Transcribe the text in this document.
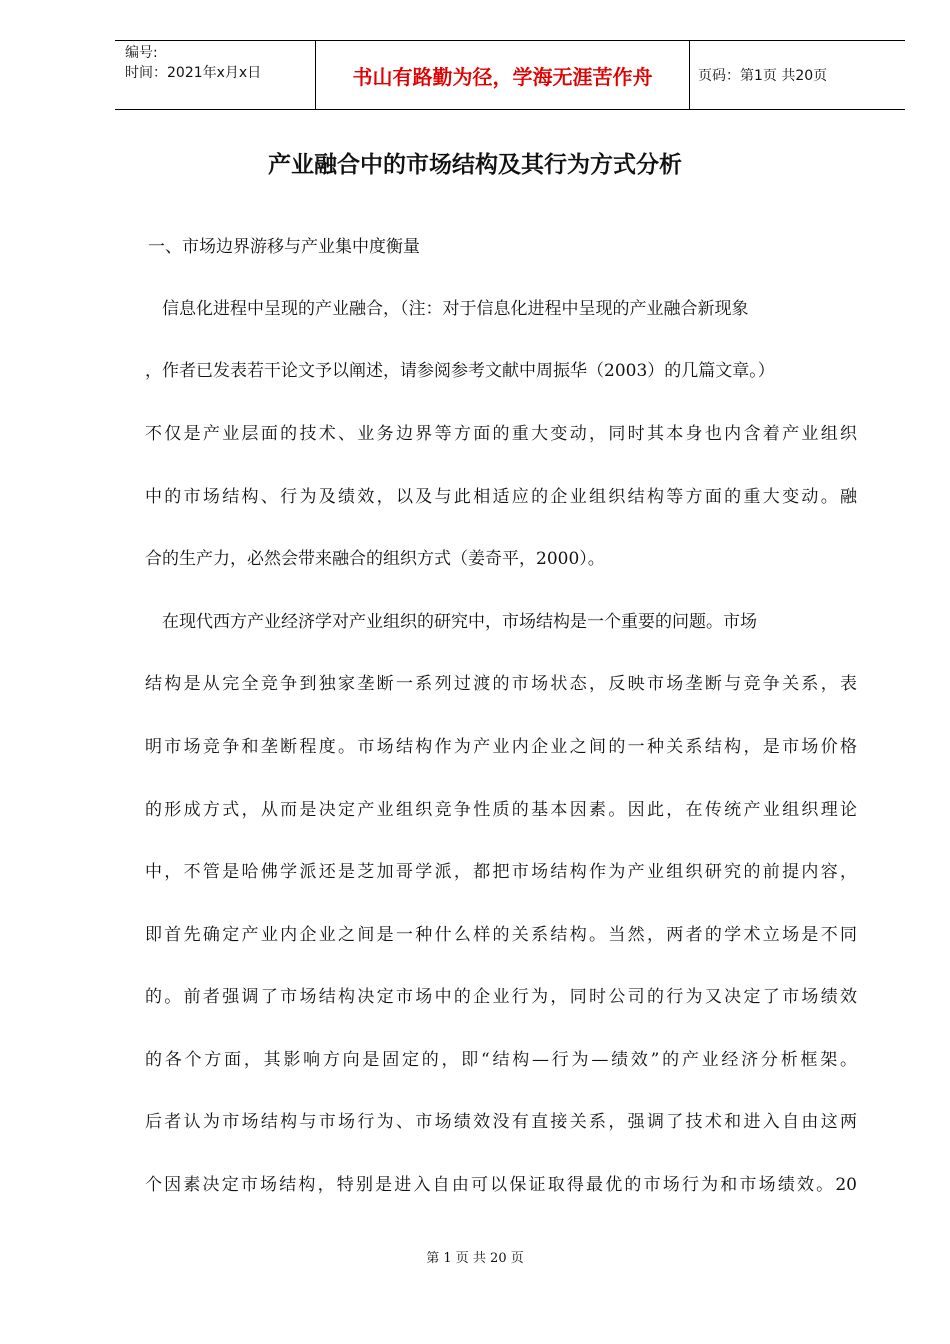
编号:
时间：2021年x月x日	书山有路勤为径，学海无涯苦作舟	页码：第1页 共20页
产业融合中的市场结构及其行为方式分析
一、市场边界游移与产业集中度衡量
　信息化进程中呈现的产业融合，（注：对于信息化进程中呈现的产业融合新现象
，作者已发表若干论文予以阐述，请参阅参考文献中周振华（2003）的几篇文章。）
不仅是产业层面的技术、业务边界等方面的重大变动，同时其本身也内含着产业组织
中的市场结构、行为及绩效，以及与此相适应的企业组织结构等方面的重大变动。融
合的生产力，必然会带来融合的组织方式（姜奇平，2000）。
　在现代西方产业经济学对产业组织的研究中，市场结构是一个重要的问题。市场
结构是从完全竞争到独家垄断一系列过渡的市场状态，反映市场垄断与竞争关系，表
明市场竞争和垄断程度。市场结构作为产业内企业之间的一种关系结构，是市场价格
的形成方式，从而是决定产业组织竞争性质的基本因素。因此，在传统产业组织理论
中，不管是哈佛学派还是芝加哥学派，都把市场结构作为产业组织研究的前提内容，
即首先确定产业内企业之间是一种什么样的关系结构。当然，两者的学术立场是不同
的。前者强调了市场结构决定市场中的企业行为，同时公司的行为又决定了市场绩效
的各个方面，其影响方向是固定的，即“结构—行为—绩效”的产业经济分析框架。
后者认为市场结构与市场行为、市场绩效没有直接关系，强调了技术和进入自由这两
个因素决定市场结构，特别是进入自由可以保证取得最优的市场行为和市场绩效。20
第 1 页 共 20 页
